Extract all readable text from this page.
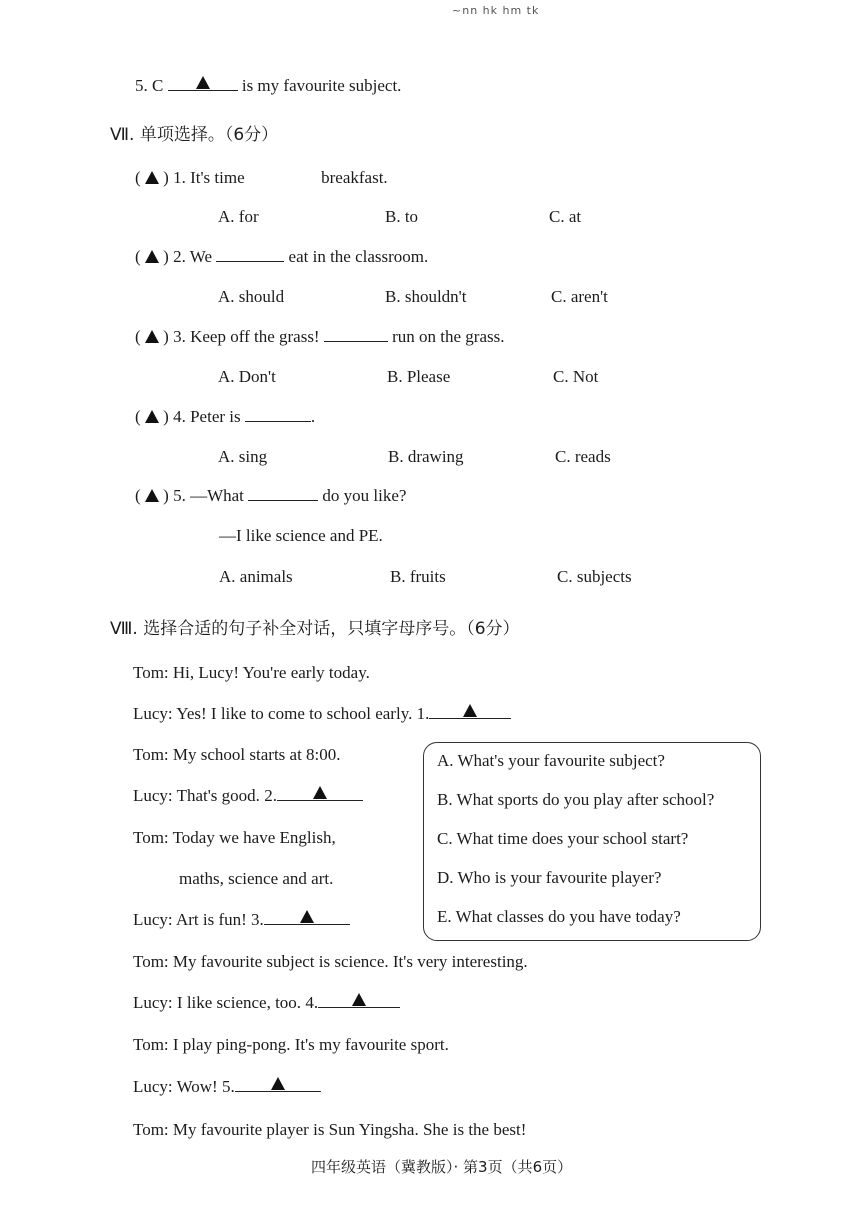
~nn hk hm tk
5. C	is my favourite subject.
Ⅶ. 单项选择。（6分）
(  ) 1. It's time	breakfast.
A. for	B. to	C. at
(  ) 2. We	eat in the classroom.
A. should	B. shouldn't	C. aren't
(  ) 3. Keep off the grass!	run on the grass.
A. Don't	B. Please	C. Not
(  ) 4. Peter is	.
A. sing	B. drawing	C. reads
(  ) 5. —What	do you like?
—I like science and PE.
A. animals	B. fruits	C. subjects
Ⅷ. 选择合适的句子补全对话，只填字母序号。（6分）
Tom: Hi, Lucy! You're early today.
Lucy: Yes! I like to come to school early. 1.
Tom: My school starts at 8:00.
Lucy: That's good. 2.
Tom: Today we have English,
maths, science and art.
Lucy: Art is fun! 3.
Tom: My favourite subject is science. It's very interesting.
Lucy: I like science, too. 4.
Tom: I play ping-pong. It's my favourite sport.
Lucy: Wow! 5.
Tom: My favourite player is Sun Yingsha. She is the best!
A. What's your favourite subject?
B. What sports do you play after school?
C. What time does your school start?
D. Who is your favourite player?
E. What classes do you have today?
四年级英语（冀教版）· 第3页（共6页）
